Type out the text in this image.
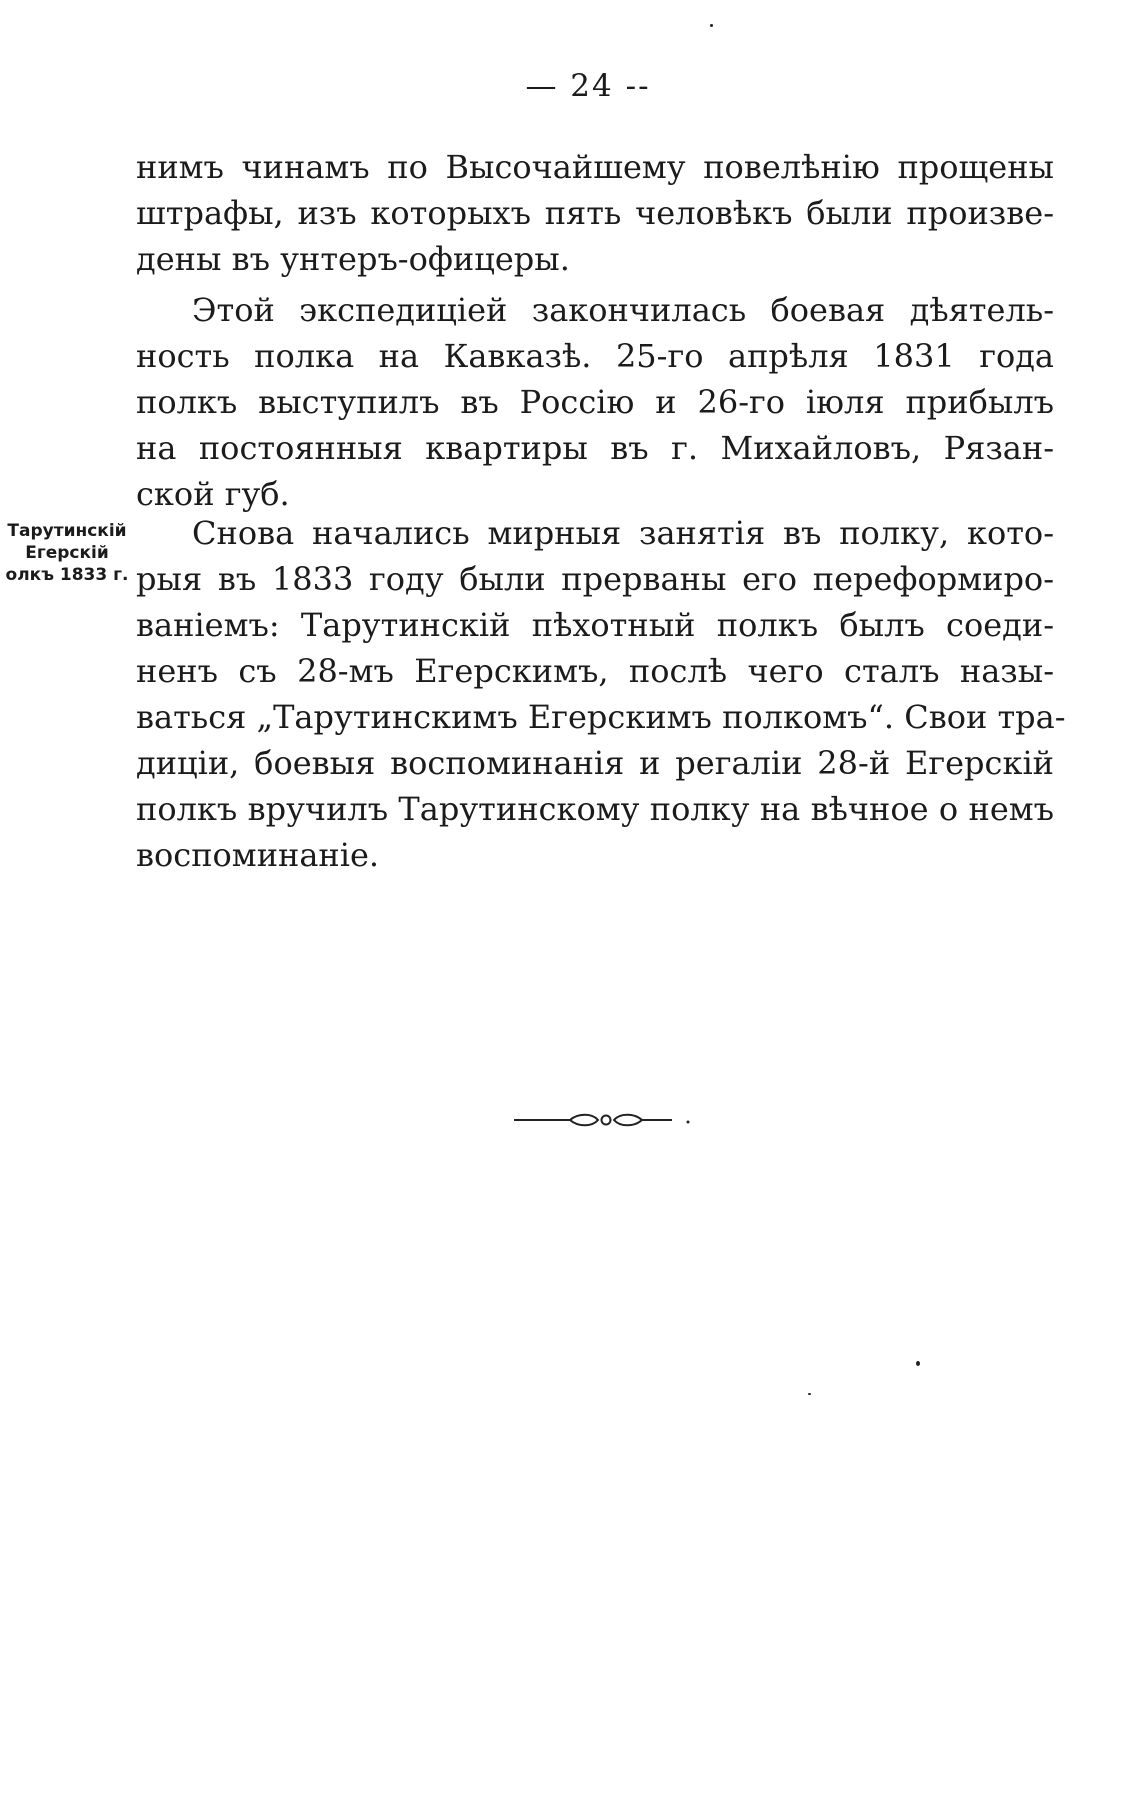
— 24 --
нимъ чинамъ по Высочайшему повелѣнію прощены
штрафы, изъ которыхъ пять человѣкъ были произве-
дены въ унтеръ-офицеры.
Этой экспедиціей закончилась боевая дѣятель-
ность полка на Кавказѣ. 25-го апрѣля 1831 года
полкъ выступилъ въ Россію и 26-го іюля прибылъ
на постоянныя квартиры въ г. Михайловъ, Рязан-
ской губ.
Тарутинскій
Егерскій
олкъ 1833 г.
Снова начались мирныя занятія въ полку, кото-
рыя въ 1833 году были прерваны его переформиро-
ваніемъ: Тарутинскій пѣхотный полкъ былъ соеди-
ненъ съ 28-мъ Егерскимъ, послѣ чего сталъ назы-
ваться „Тарутинскимъ Егерскимъ полкомъ“. Свои тра-
диціи, боевыя воспоминанія и регаліи 28-й Егерскій
полкъ вручилъ Тарутинскому полку на вѣчное о немъ
воспоминаніе.
